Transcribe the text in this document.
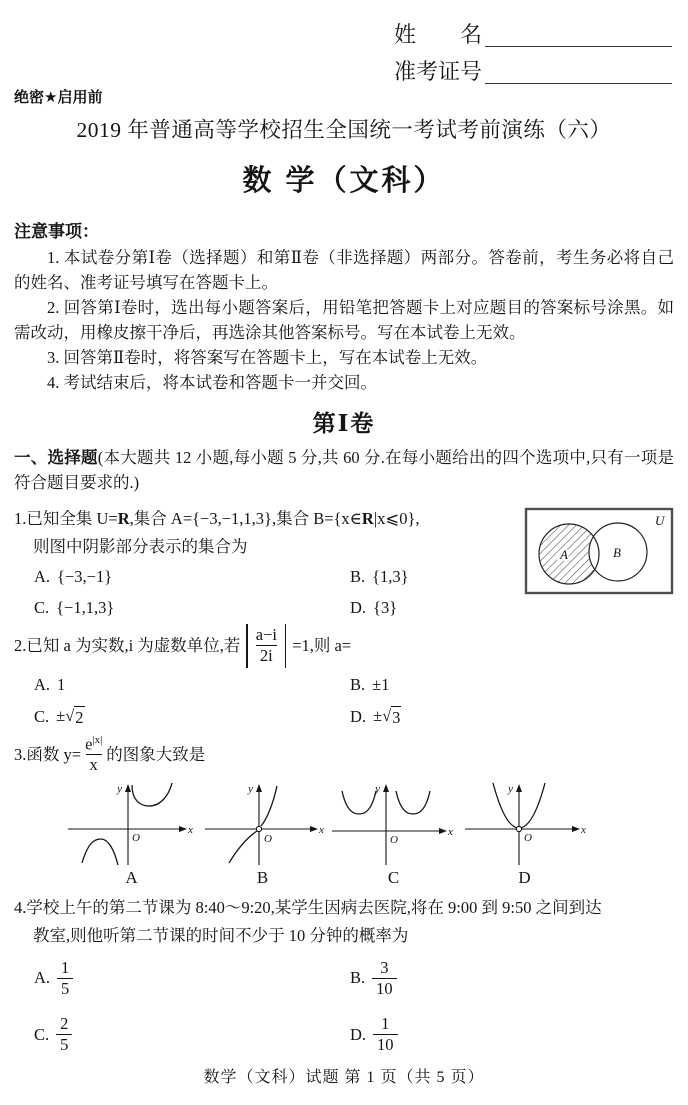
姓　　名
准考证号
绝密★启用前
2019 年普通高等学校招生全国统一考试考前演练（六）
数 学（文科）
注意事项：

1. 本试卷分第Ⅰ卷（选择题）和第Ⅱ卷（非选择题）两部分。答卷前，考生务必将自己的姓名、准考证号填写在答题卡上。

2. 回答第Ⅰ卷时，选出每小题答案后，用铅笔把答题卡上对应题目的答案标号涂黑。如需改动，用橡皮擦干净后，再选涂其他答案标号。写在本试卷上无效。

3. 回答第Ⅱ卷时，将答案写在答题卡上，写在本试卷上无效。

4. 考试结束后，将本试卷和答题卡一并交回。

第Ⅰ卷

一、选择题(本大题共 12 小题,每小题 5 分,共 60 分.在每小题给出的四个选项中,只有一项是符合题目要求的.)

1.已知全集 U=R,集合 A={−3,−1,1,3},集合 B={x∈R|x⩽0},

则图中阴影部分表示的集合为

A. {−3,−1}	B. {1,3}
C. {−1,1,3}	D. {3}
A	B
U
2.已知 a 为实数,i 为虚数单位,若 $\frac{a-i}{2i} =1$,则 a=
A. 1	B. ±1
C. ± √ 2	D. ± √ 3
3.函数 $y= \frac{e^{|x|}}{x}$ 的图象大致是
y
x
O
A
y
x
O
B
y
x
O
C
y
x
O
D

4.学校上午的第二节课为 8:40～9:20,某学生因病去医院,将在 9:00 到 9:50 之间到达

教室,则他听第二节课的时间不少于 10 分钟的概率为

A. $\frac{1}{5}$	B. $\frac{3}{10}$
C. $\frac{2}{5}$	D. $\frac{1}{10}$
数学（文科）试题 第 1 页（共 5 页）
